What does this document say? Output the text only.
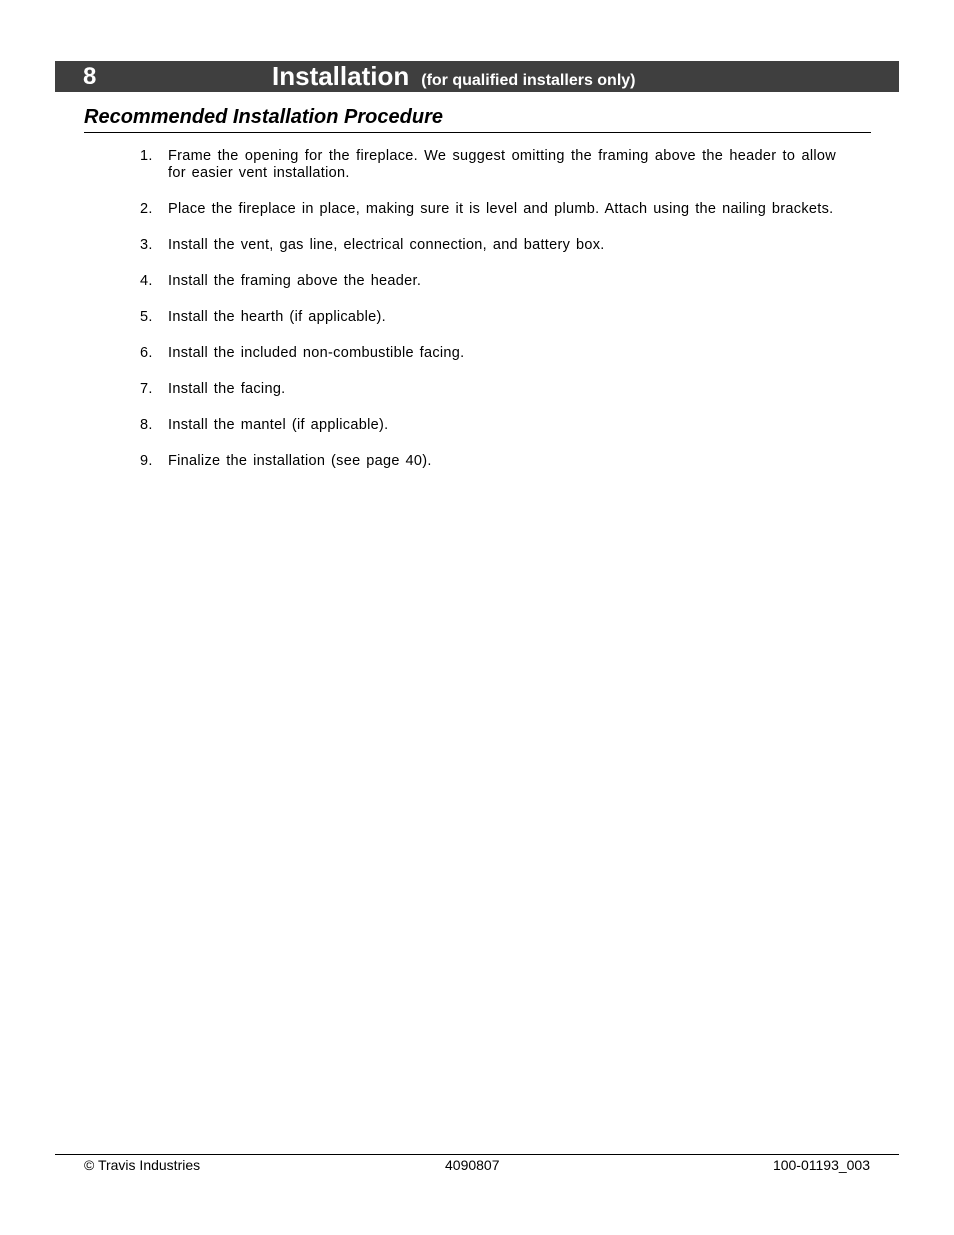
8	Installation (for qualified installers only)
Recommended Installation Procedure
1. Frame the opening for the fireplace. We suggest omitting the framing above the header to allow for easier vent installation.
2. Place the fireplace in place, making sure it is level and plumb. Attach using the nailing brackets.
3. Install the vent, gas line, electrical connection, and battery box.
4. Install the framing above the header.
5. Install the hearth (if applicable).
6. Install the included non-combustible facing.
7. Install the facing.
8. Install the mantel (if applicable).
9. Finalize the installation (see page 40).
© Travis Industries	4090807	100-01193_003
